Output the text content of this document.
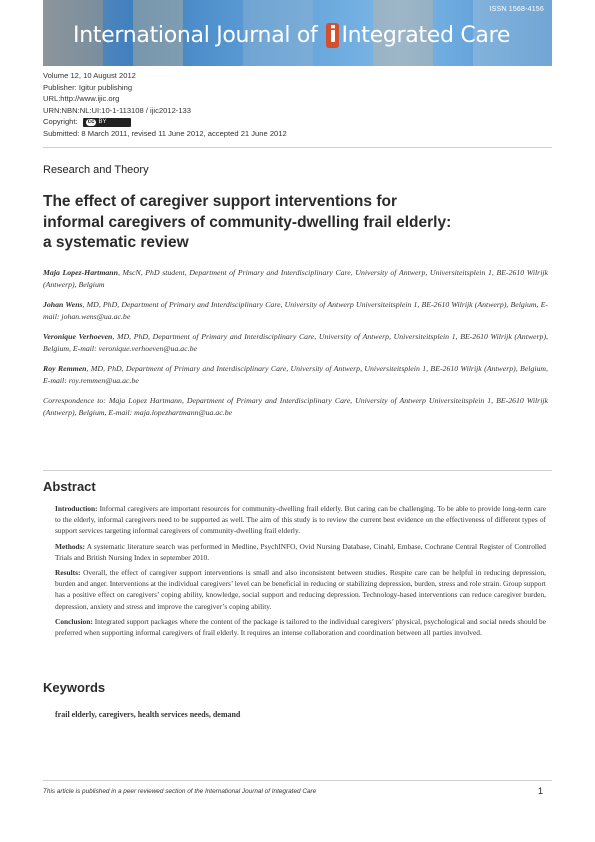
ISSN 1568-4156
International Journal of i Integrated Care
Volume 12, 10 August 2012
Publisher: Igitur publishing
URL:http://www.ijic.org
URN:NBN:NL:UI:10-1-113108 / ijic2012-133
Copyright: cc BY
Submitted: 8 March 2011, revised 11 June 2012, accepted 21 June 2012
Research and Theory
The effect of caregiver support interventions for
informal caregivers of community-dwelling frail elderly:
a systematic review

Maja Lopez-Hartmann, MscN, PhD student, Department of Primary and Interdisciplinary Care, University of Antwerp, Universiteitsplein 1, BE-2610 Wilrijk (Antwerp), Belgium

Johan Wens, MD, PhD, Department of Primary and Interdisciplinary Care, University of Antwerp Universiteitsplein 1, BE-2610 Wilrijk (Antwerp), Belgium, E-mail: johan.wens@ua.ac.be

Veronique Verhoeven, MD, PhD, Department of Primary and Interdisciplinary Care, University of Antwerp, Universiteitsplein 1, BE-2610 Wilrijk (Antwerp), Belgium, E-mail: veronique.verhoeven@ua.ac.be

Roy Remmen, MD, PhD, Department of Primary and Interdisciplinary Care, University of Antwerp, Universiteitsplein 1, BE-2610 Wilrijk (Antwerp), Belgium, E-mail: roy.remmen@ua.ac.be

Correspondence to: Maja Lopez Hartmann, Department of Primary and Interdisciplinary Care, University of Antwerp Universiteitsplein 1, BE-2610 Wilrijk (Antwerp), Belgium, E-mail: maja.lopezhartmann@ua.ac.be

Abstract

Introduction: Informal caregivers are important resources for community-dwelling frail elderly. But caring can be challenging. To be able to provide long-term care to the elderly, informal caregivers need to be supported as well. The aim of this study is to review the current best evidence on the effectiveness of different types of support services targeting informal caregivers of community-dwelling frail elderly.

Methods: A systematic literature search was performed in Medline, PsychINFO, Ovid Nursing Database, Cinahl, Embase, Cochrane Central Register of Controlled Trials and British Nursing Index in september 2010.

Results: Overall, the effect of caregiver support interventions is small and also inconsistent between studies. Respite care can be helpful in reducing depression, burden and anger. Interventions at the individual caregivers’ level can be beneficial in reducing or stabilizing depression, burden, stress and role strain. Group support has a positive effect on caregivers’ coping ability, knowledge, social support and reducing depression. Technology-based interventions can reduce caregiver burden, depression, anxiety and stress and improve the caregiver’s coping ability.

Conclusion: Integrated support packages where the content of the package is tailored to the individual caregivers’ physical, psychological and social needs should be preferred when supporting informal caregivers of frail elderly. It requires an intense collaboration and coordination between all parties involved.

Keywords
frail elderly, caregivers, health services needs, demand
This article is published in a peer reviewed section of the International Journal of Integrated Care	1
